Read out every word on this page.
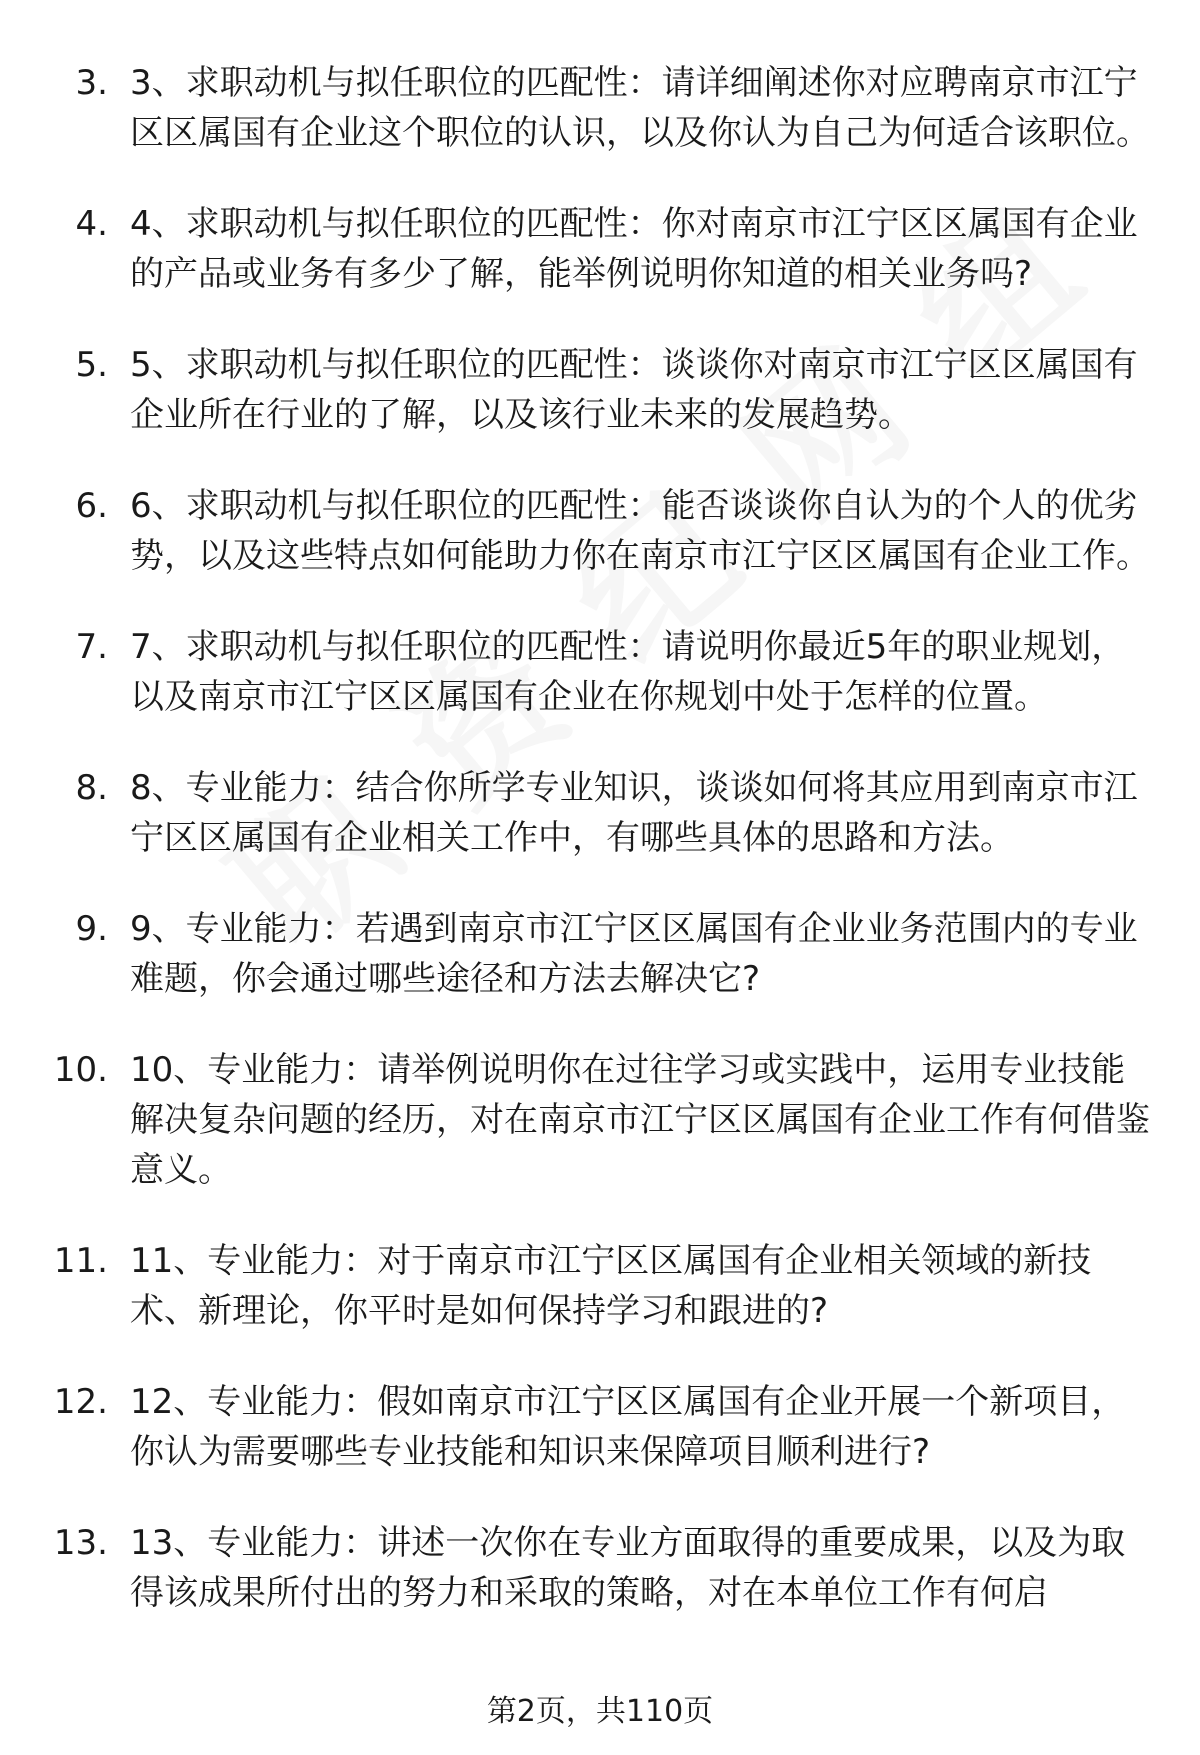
3. 3、求职动机与拟任职位的匹配性：请详细阐述你对应聘南京市江宁区区属国有企业这个职位的认识，以及你认为自己为何适合该职位。
4. 4、求职动机与拟任职位的匹配性：你对南京市江宁区区属国有企业的产品或业务有多少了解，能举例说明你知道的相关业务吗?
5. 5、求职动机与拟任职位的匹配性：谈谈你对南京市江宁区区属国有企业所在行业的了解，以及该行业未来的发展趋势。
6. 6、求职动机与拟任职位的匹配性：能否谈谈你自认为的个人的优劣势，以及这些特点如何能助力你在南京市江宁区区属国有企业工作。
7. 7、求职动机与拟任职位的匹配性：请说明你最近5年的职业规划，以及南京市江宁区区属国有企业在你规划中处于怎样的位置。
8. 8、专业能力：结合你所学专业知识，谈谈如何将其应用到南京市江宁区区属国有企业相关工作中，有哪些具体的思路和方法。
9. 9、专业能力：若遇到南京市江宁区区属国有企业业务范围内的专业难题，你会通过哪些途径和方法去解决它?
10. 10、专业能力：请举例说明你在过往学习或实践中，运用专业技能解决复杂问题的经历，对在南京市江宁区区属国有企业工作有何借鉴意义。
11. 11、专业能力：对于南京市江宁区区属国有企业相关领域的新技术、新理论，你平时是如何保持学习和跟进的?
12. 12、专业能力：假如南京市江宁区区属国有企业开展一个新项目，你认为需要哪些专业技能和知识来保障项目顺利进行?
13. 13、专业能力：讲述一次你在专业方面取得的重要成果，以及为取得该成果所付出的努力和采取的策略，对在本单位工作有何启
第2页，共110页
